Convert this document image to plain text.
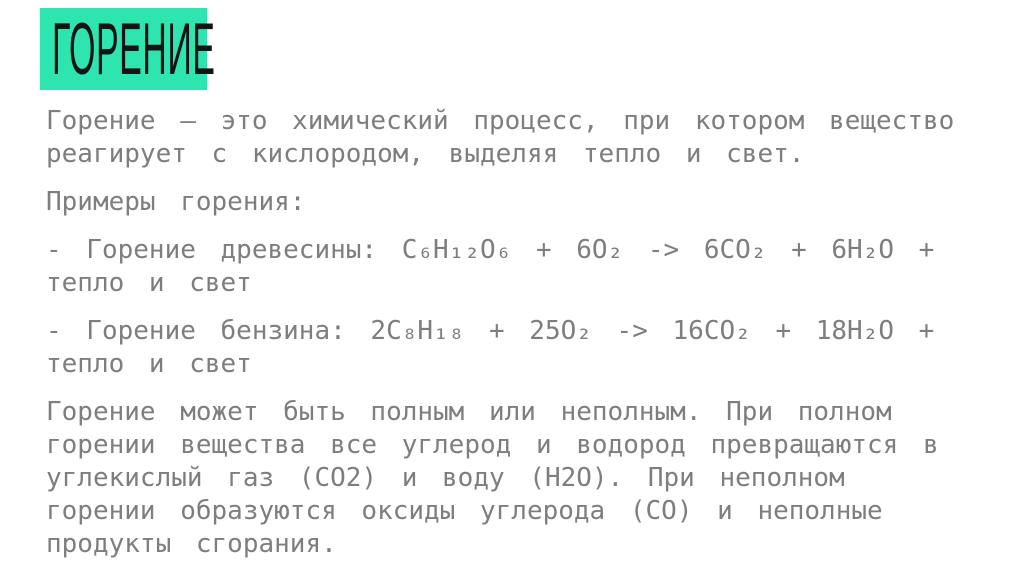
ГОРЕНИЕ

Горение – это химический процесс, при котором вещество реагирует с кислородом, выделяя тепло и свет.

Примеры горения:

- Горение древесины: C₆H₁₂O₆ + 6O₂ -> 6CO₂ + 6H₂O + тепло и свет

- Горение бензина: 2C₈H₁₈ + 25O₂ -> 16CO₂ + 18H₂O + тепло и свет

Горение может быть полным или неполным. При полном горении вещества все углерод и водород превращаются в углекислый газ (CO2) и воду (H2O). При неполном горении образуются оксиды углерода (CO) и неполные продукты сгорания.
